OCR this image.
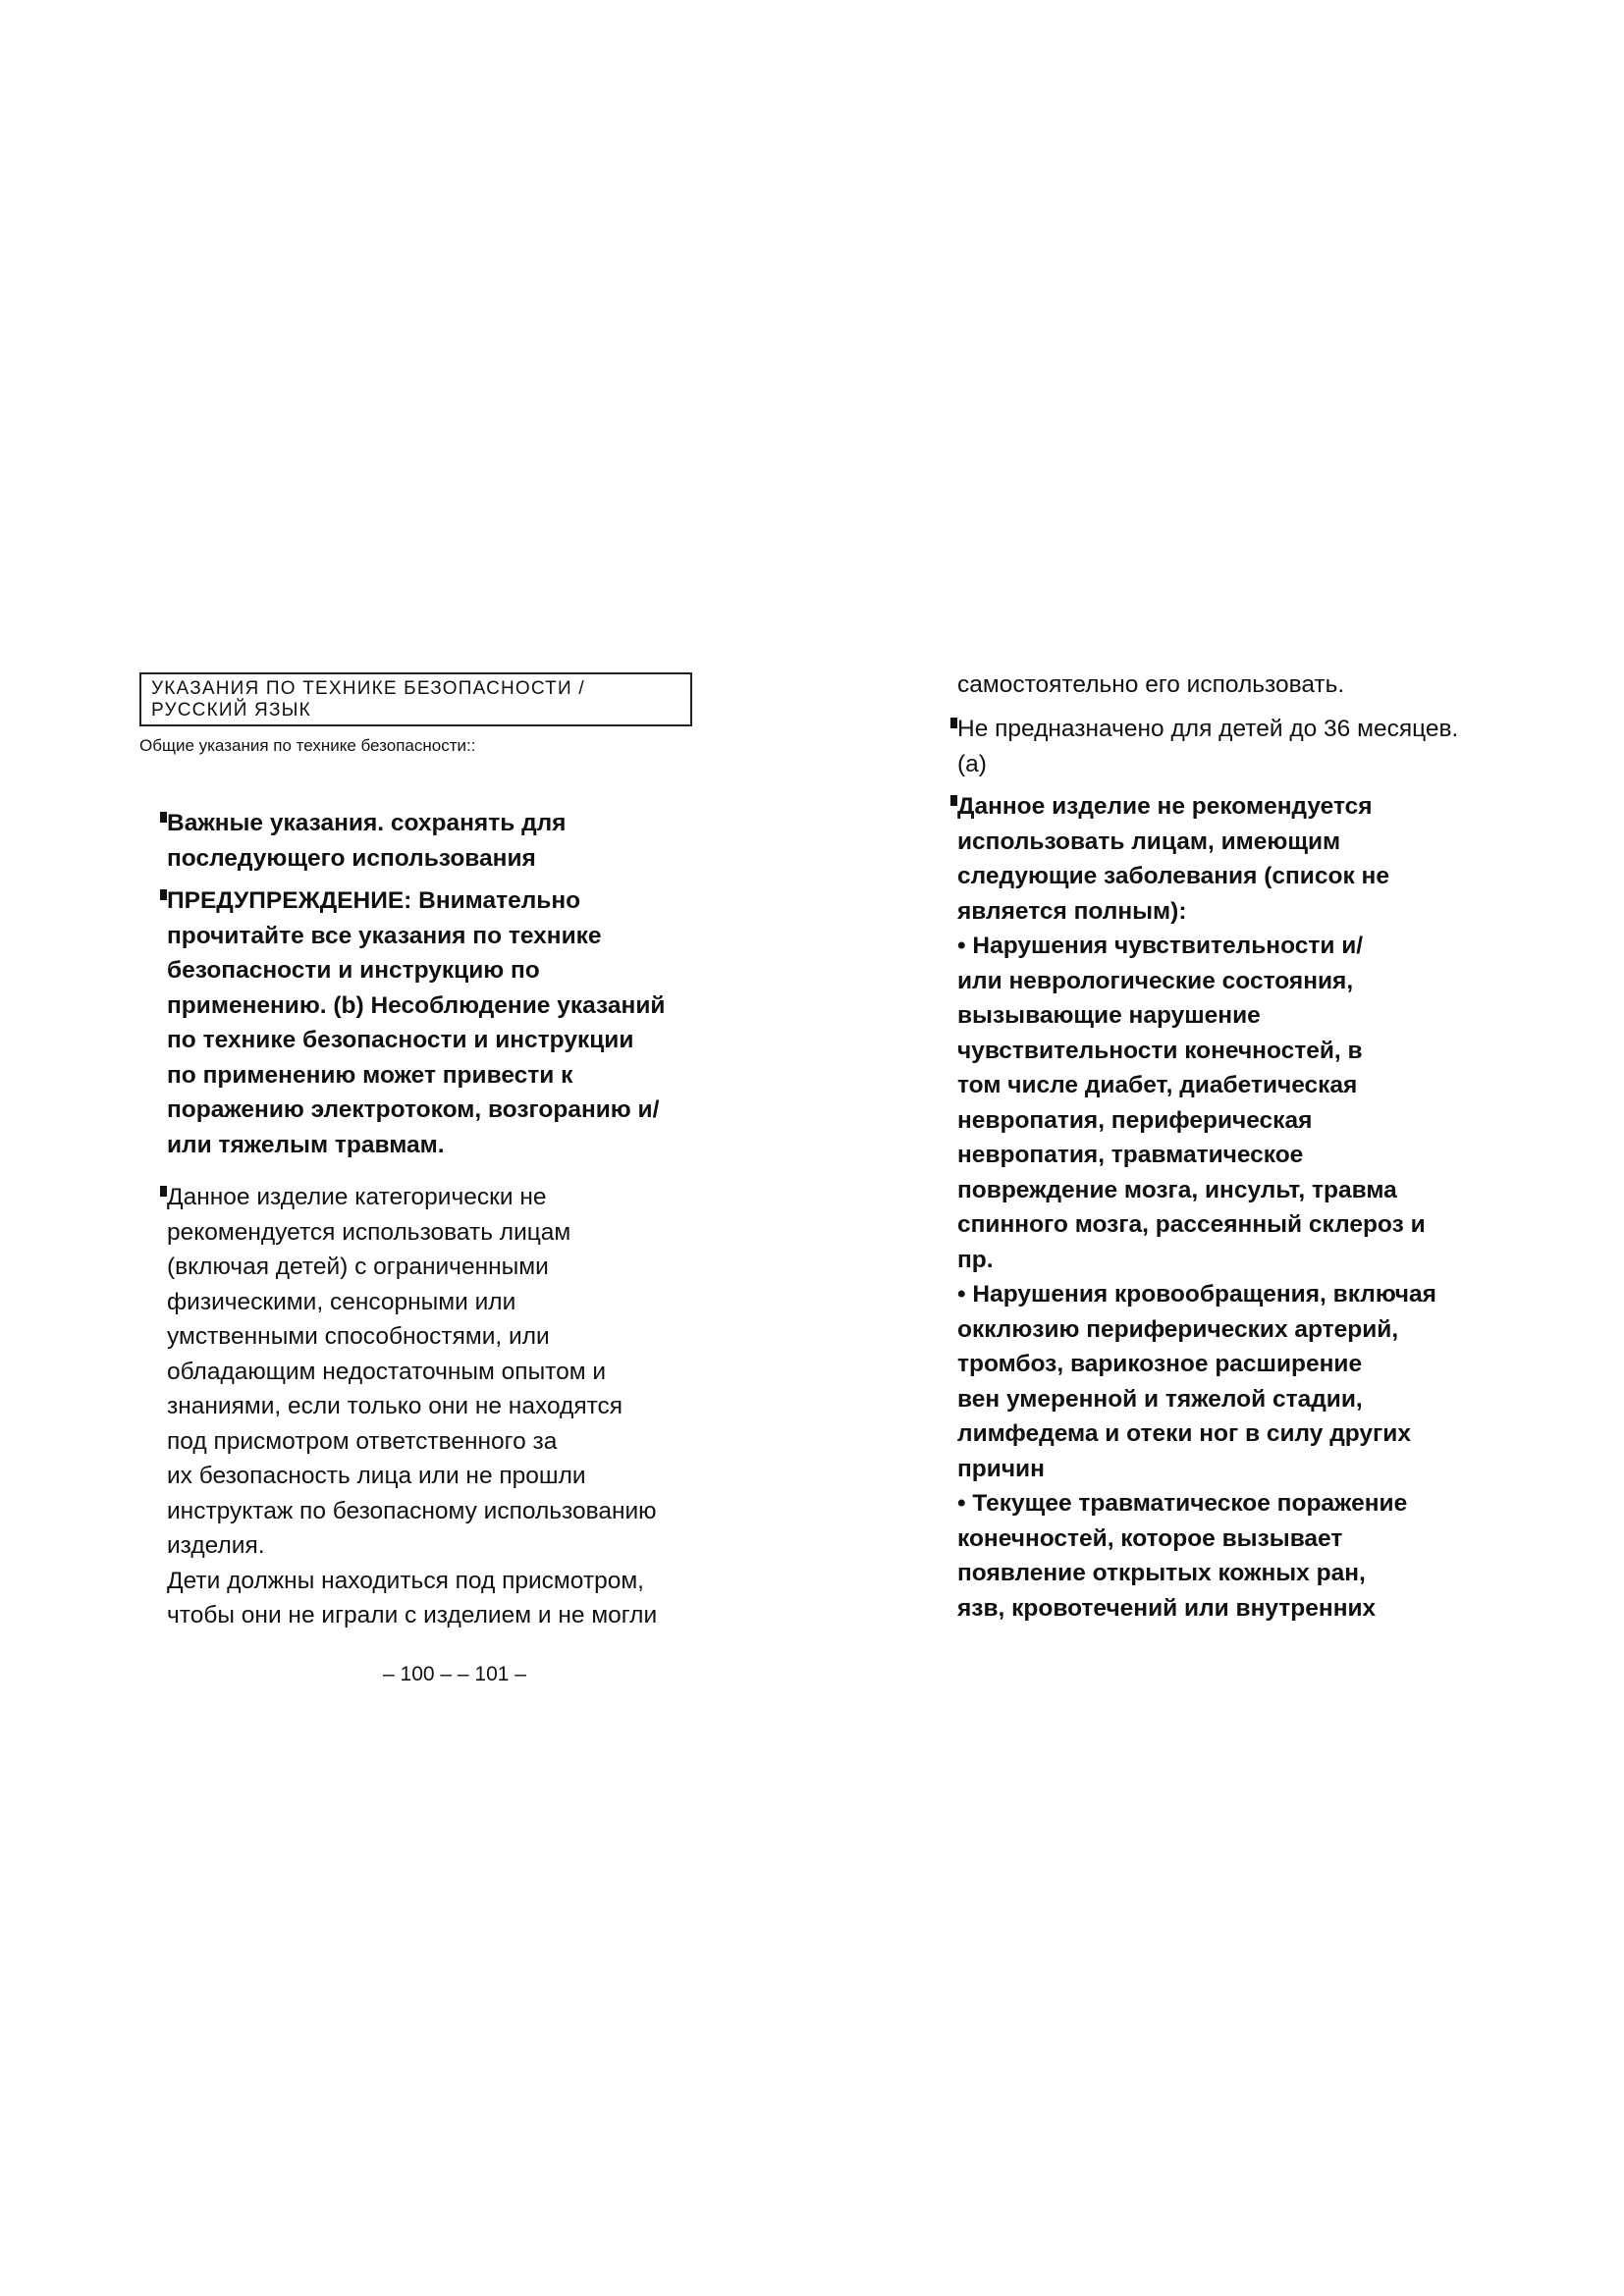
УКАЗАНИЯ ПО ТЕХНИКЕ БЕЗОПАСНОСТИ /
РУССКИЙ ЯЗЫК
Общие указания по технике безопасности::
Важные указания. сохранять для
последующего использования
ПРЕДУПРЕЖДЕНИЕ: Внимательно
прочитайте все указания по технике
безопасности и инструкцию по
применению. (b) Несоблюдение указаний
по технике безопасности и инструкции
по применению может привести к
поражению электротоком, возгоранию и/
или тяжелым травмам.
Данное изделие категорически не
рекомендуется использовать лицам
(включая детей) с ограниченными
физическими, сенсорными или
умственными способностями, или
обладающим недостаточным опытом и
знаниями, если только они не находятся
под присмотром ответственного за
их безопасность лица или не прошли
инструктаж по безопасному использованию
изделия.
Дети должны находиться под присмотром,
чтобы они не играли с изделием и не могли
самостоятельно его использовать.
Не предназначено для детей до 36 месяцев.
(a)
Данное изделие не рекомендуется
использовать лицам, имеющим
следующие заболевания (список не
является полным):
• Нарушения чувствительности и/
или неврологические состояния,
вызывающие нарушение
чувствительности конечностей, в
том числе диабет, диабетическая
невропатия, периферическая
невропатия, травматическое
повреждение мозга, инсульт, травма
спинного мозга, рассеянный склероз и
пр.
• Нарушения кровообращения, включая
окклюзию периферических артерий,
тромбоз, варикозное расширение
вен умеренной и тяжелой стадии,
лимфедема и отеки ног в силу других
причин
• Текущее травматическое поражение
конечностей, которое вызывает
появление открытых кожных ран,
язв, кровотечений или внутренних
– 100 – – 101 –
